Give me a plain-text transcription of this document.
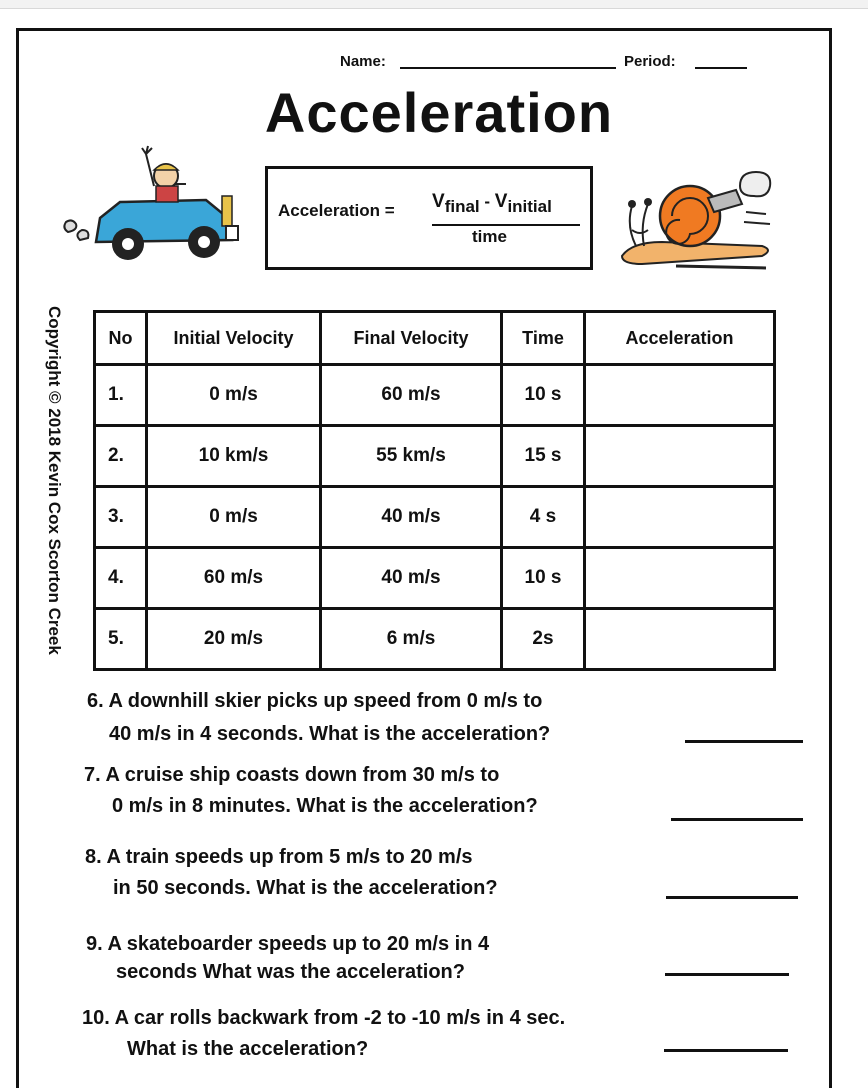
Name:	Period:
Acceleration
Acceleration = $V_{final} - V_{initial}$
time
Copyright © 2018 Kevin Cox Scorton Creek No	Initial Velocity	Final Velocity	Time	Acceleration
1.	0 m/s	60 m/s	10 s	
2.	10 km/s	55 km/s	15 s	
3.	0 m/s	40 m/s	4 s	
4.	60 m/s	40 m/s	10 s	
5.	20 m/s	6 m/s	2s	
6. A downhill skier picks up speed from 0 m/s to
40 m/s in 4 seconds. What is the acceleration?
7. A cruise ship coasts down from 30 m/s to
0 m/s in 8 minutes. What is the acceleration?
8. A train speeds up from 5 m/s to 20 m/s
in 50 seconds. What is the acceleration?
9. A skateboarder speeds up to 20 m/s in 4
seconds What was the acceleration?
10. A car rolls backwark from -2 to -10 m/s in 4 sec.
What is the acceleration?
